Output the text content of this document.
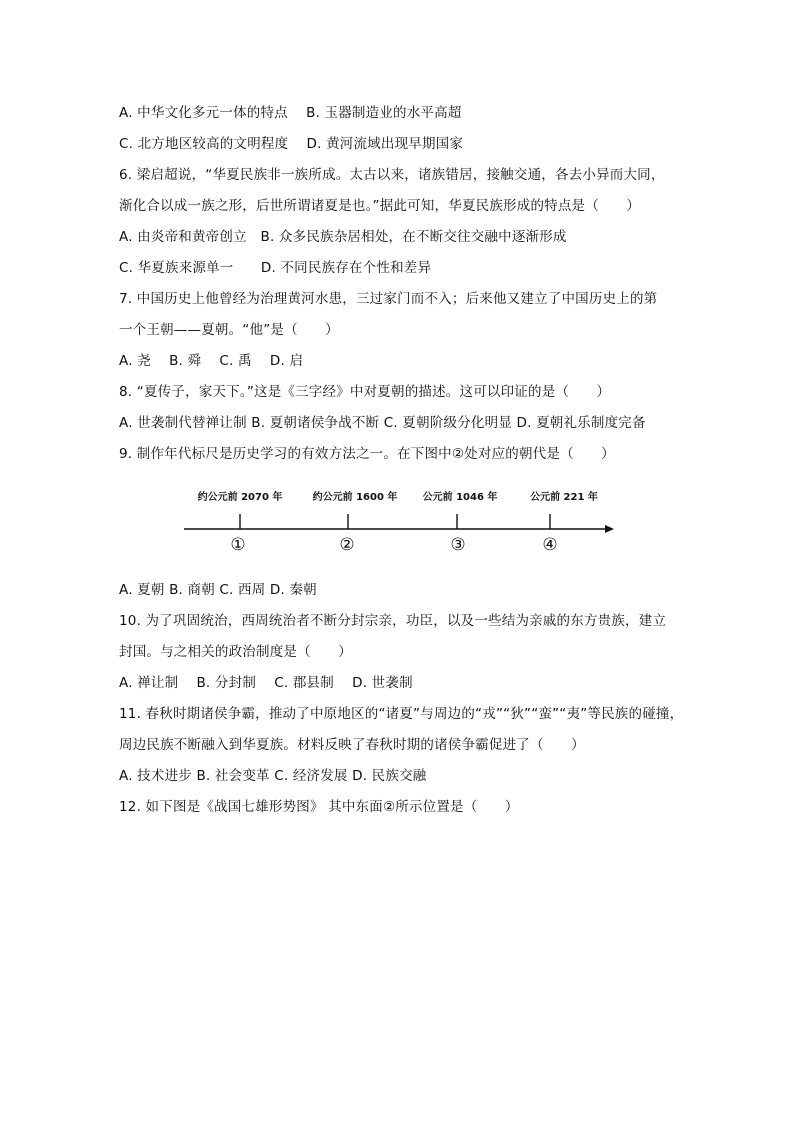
A. 中华文化多元一体的特点　 B. 玉器制造业的水平高超
C. 北方地区较高的文明程度　 D. 黄河流域出现早期国家
6. 梁启超说，“华夏民族非一族所成。太古以来，诸族错居，接触交通，各去小异而大同，
渐化合以成一族之形，后世所谓诸夏是也。”据此可知，华夏民族形成的特点是（　　）
A. 由炎帝和黄帝创立　B. 众多民族杂居相处，在不断交往交融中逐渐形成
C. 华夏族来源单一　　D. 不同民族存在个性和差异
7. 中国历史上他曾经为治理黄河水患，三过家门而不入；后来他又建立了中国历史上的第
一个王朝——夏朝。“他”是（　　）
A. 尧　 B. 舜　 C. 禹　 D. 启
8. “夏传子，家天下。”这是《三字经》中对夏朝的描述。这可以印证的是（　　）
A. 世袭制代替禅让制 B. 夏朝诸侯争战不断 C. 夏朝阶级分化明显 D. 夏朝礼乐制度完备
9. 制作年代标尺是历史学习的有效方法之一。在下图中②处对应的朝代是（　　）
约公元前 2070 年	约公元前 1600 年	公元前 1046 年	公元前 221 年
①	②	③	④
A. 夏朝 B. 商朝 C. 西周 D. 秦朝
10. 为了巩固统治，西周统治者不断分封宗亲，功臣，以及一些结为亲戚的东方贵族，建立
封国。与之相关的政治制度是（　　）
A. 禅让制　 B. 分封制　 C. 郡县制　 D. 世袭制
11. 春秋时期诸侯争霸，推动了中原地区的“诸夏”与周边的“戎”“狄”“蛮”“夷”等民族的碰撞，
周边民族不断融入到华夏族。材料反映了春秋时期的诸侯争霸促进了（　　）
A. 技术进步 B. 社会变革 C. 经济发展 D. 民族交融
12. 如下图是《战国七雄形势图》 其中东面②所示位置是（　　）
